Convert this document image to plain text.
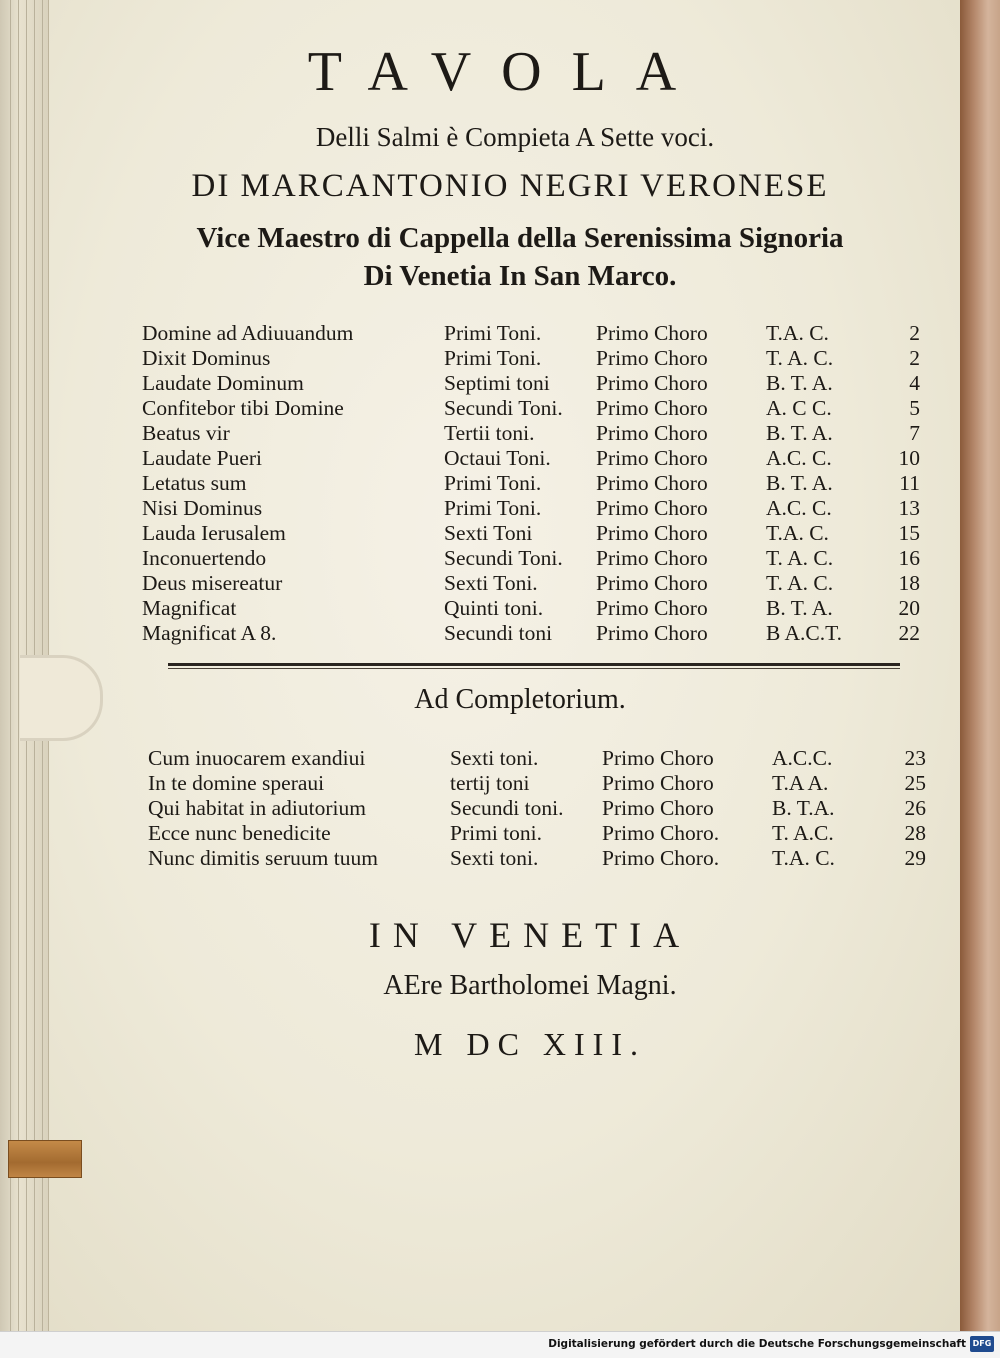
TAVOLA
Delli Salmi è Compieta A Sette voci.
DI MARCANTONIO NEGRI VERONESE
Vice Maestro di Cappella della Serenissima Signoria
Di Venetia In San Marco.
Domine ad Adiuuandum	Primi Toni.	Primo Choro	T.A. C.	2
Dixit Dominus	Primi Toni.	Primo Choro	T. A. C.	2
Laudate Dominum	Septimi toni	Primo Choro	B. T. A.	4
Confitebor tibi Domine	Secundi Toni.	Primo Choro	A. C C.	5
Beatus vir	Tertii toni.	Primo Choro	B. T. A.	7
Laudate Pueri	Octaui Toni.	Primo Choro	A.C. C.	10
Letatus sum	Primi Toni.	Primo Choro	B. T. A.	11
Nisi Dominus	Primi Toni.	Primo Choro	A.C. C.	13
Lauda Ierusalem	Sexti Toni	Primo Choro	T.A. C.	15
Inconuertendo	Secundi Toni.	Primo Choro	T. A. C.	16
Deus misereatur	Sexti Toni.	Primo Choro	T. A. C.	18
Magnificat	Quinti toni.	Primo Choro	B. T. A.	20
Magnificat A 8.	Secundi toni	Primo Choro	B A.C.T.	22
Ad Completorium.
Cum inuocarem exandiui	Sexti toni.	Primo Choro	A.C.C.	23
In te domine speraui	tertij toni	Primo Choro	T.A A.	25
Qui habitat in adiutorium	Secundi toni.	Primo Choro	B. T.A.	26
Ecce nunc benedicite	Primi toni.	Primo Choro.	T. A.C.	28
Nunc dimitis seruum tuum	Sexti toni.	Primo Choro.	T.A. C.	29
IN VENETIA
AEre Bartholomei Magni.
M DC XIII.
Digitalisierung gefördert durch die Deutsche Forschungsgemeinschaft DFG
